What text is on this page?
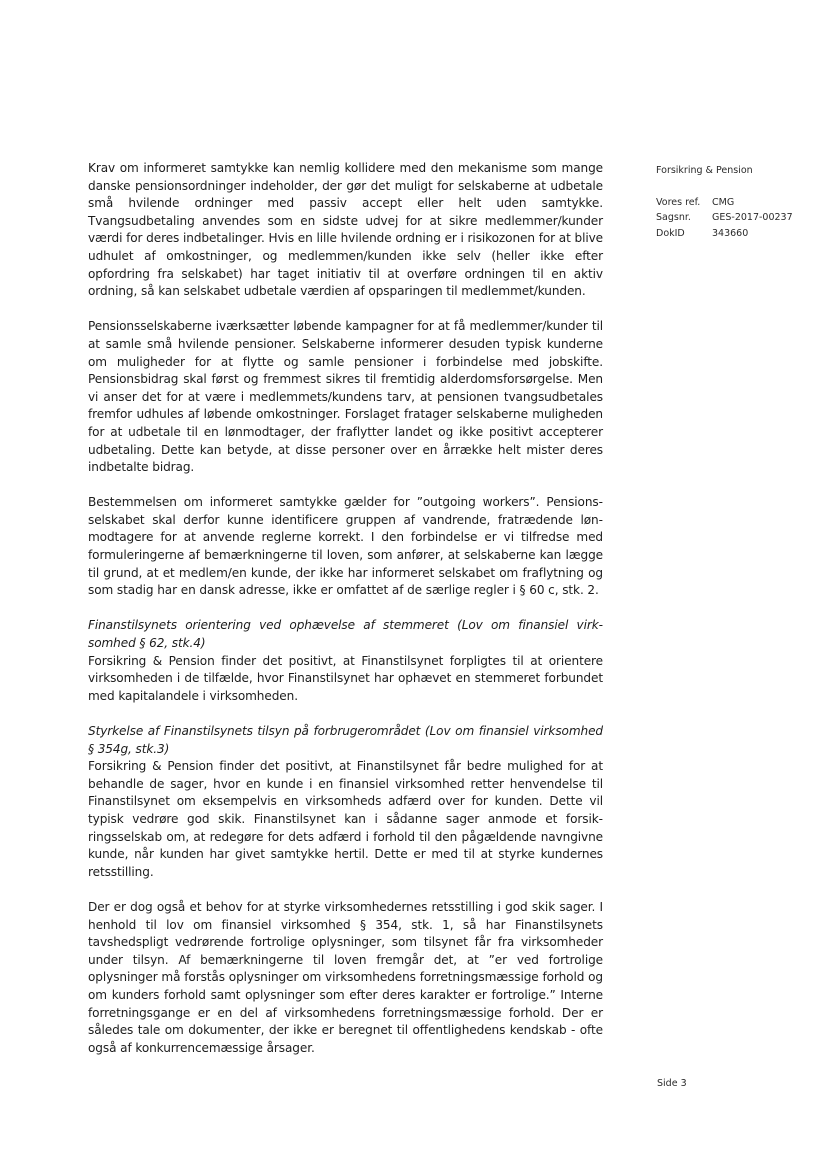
Krav om informeret samtykke kan nemlig kollidere med den mekanisme som mange danske pensionsordninger indeholder, der gør det muligt for selskaberne at udbetale små hvilende ordninger med passiv accept eller helt uden samtykke. Tvangsudbetaling anvendes som en sidste udvej for at sikre medlemmer/kunder værdi for deres indbetalinger. Hvis en lille hvilende ordning er i risikozonen for at blive udhulet af omkostninger, og medlemmen/kunden ikke selv (heller ikke efter opfordring fra selskabet) har taget initiativ til at overføre ordningen til en aktiv ordning, så kan selskabet udbetale værdien af opsparingen til medlemmet/kunden.

Pensionsselskaberne iværksætter løbende kampagner for at få medlemmer/kunder til at samle små hvilende pensioner. Selskaberne informerer desuden typisk kunderne om muligheder for at flytte og samle pensioner i forbindelse med jobskifte. Pensionsbidrag skal først og fremmest sikres til fremtidig alderdomsforsørgelse. Men vi anser det for at være i medlemmets/kundens tarv, at pensionen tvangsudbetales fremfor udhules af løbende omkostninger. Forslaget fratager selskaberne muligheden for at udbetale til en lønmodtager, der fraflytter landet og ikke positivt accepterer udbetaling. Dette kan betyde, at disse personer over en årrække helt mister deres indbetalte bidrag.

Bestemmelsen om informeret samtykke gælder for ”outgoing workers”. Pensionsselskabet skal derfor kunne identificere gruppen af vandrende, fratrædende lønmodtagere for at anvende reglerne korrekt. I den forbindelse er vi tilfredse med formuleringerne af bemærkningerne til loven, som anfører, at selskaberne kan lægge til grund, at et medlem/en kunde, der ikke har informeret selskabet om fraflytning og som stadig har en dansk adresse, ikke er omfattet af de særlige regler i § 60 c, stk. 2.

Finanstilsynets orientering ved ophævelse af stemmeret (Lov om finansiel virksomhed § 62, stk.4)

Forsikring & Pension finder det positivt, at Finanstilsynet forpligtes til at orientere virksomheden i de tilfælde, hvor Finanstilsynet har ophævet en stemmeret forbundet med kapitalandele i virksomheden.

Styrkelse af Finanstilsynets tilsyn på forbrugerområdet (Lov om finansiel virksomhed § 354g, stk.3)

Forsikring & Pension finder det positivt, at Finanstilsynet får bedre mulighed for at behandle de sager, hvor en kunde i en finansiel virksomhed retter henvendelse til Finanstilsynet om eksempelvis en virksomheds adfærd over for kunden. Dette vil typisk vedrøre god skik. Finanstilsynet kan i sådanne sager anmode et forsikringsselskab om, at redegøre for dets adfærd i forhold til den pågældende navngivne kunde, når kunden har givet samtykke hertil. Dette er med til at styrke kundernes retsstilling.

Der er dog også et behov for at styrke virksomhedernes retsstilling i god skik sager. I henhold til lov om finansiel virksomhed § 354, stk. 1, så har Finanstilsynets tavshedspligt vedrørende fortrolige oplysninger, som tilsynet får fra virksomheder under tilsyn. Af bemærkningerne til loven fremgår det, at ”er ved fortrolige oplysninger må forstås oplysninger om virksomhedens forretningsmæssige forhold og om kunders forhold samt oplysninger som efter deres karakter er fortrolige.” Interne forretningsgange er en del af virksomhedens forretningsmæssige forhold. Der er således tale om dokumenter, der ikke er beregnet til offentlighedens kendskab - ofte også af konkurrencemæssige årsager.

Forsikring & Pension
Vores ref.	CMG
Sagsnr.	GES-2017-00237
DokID	343660
Side 3
